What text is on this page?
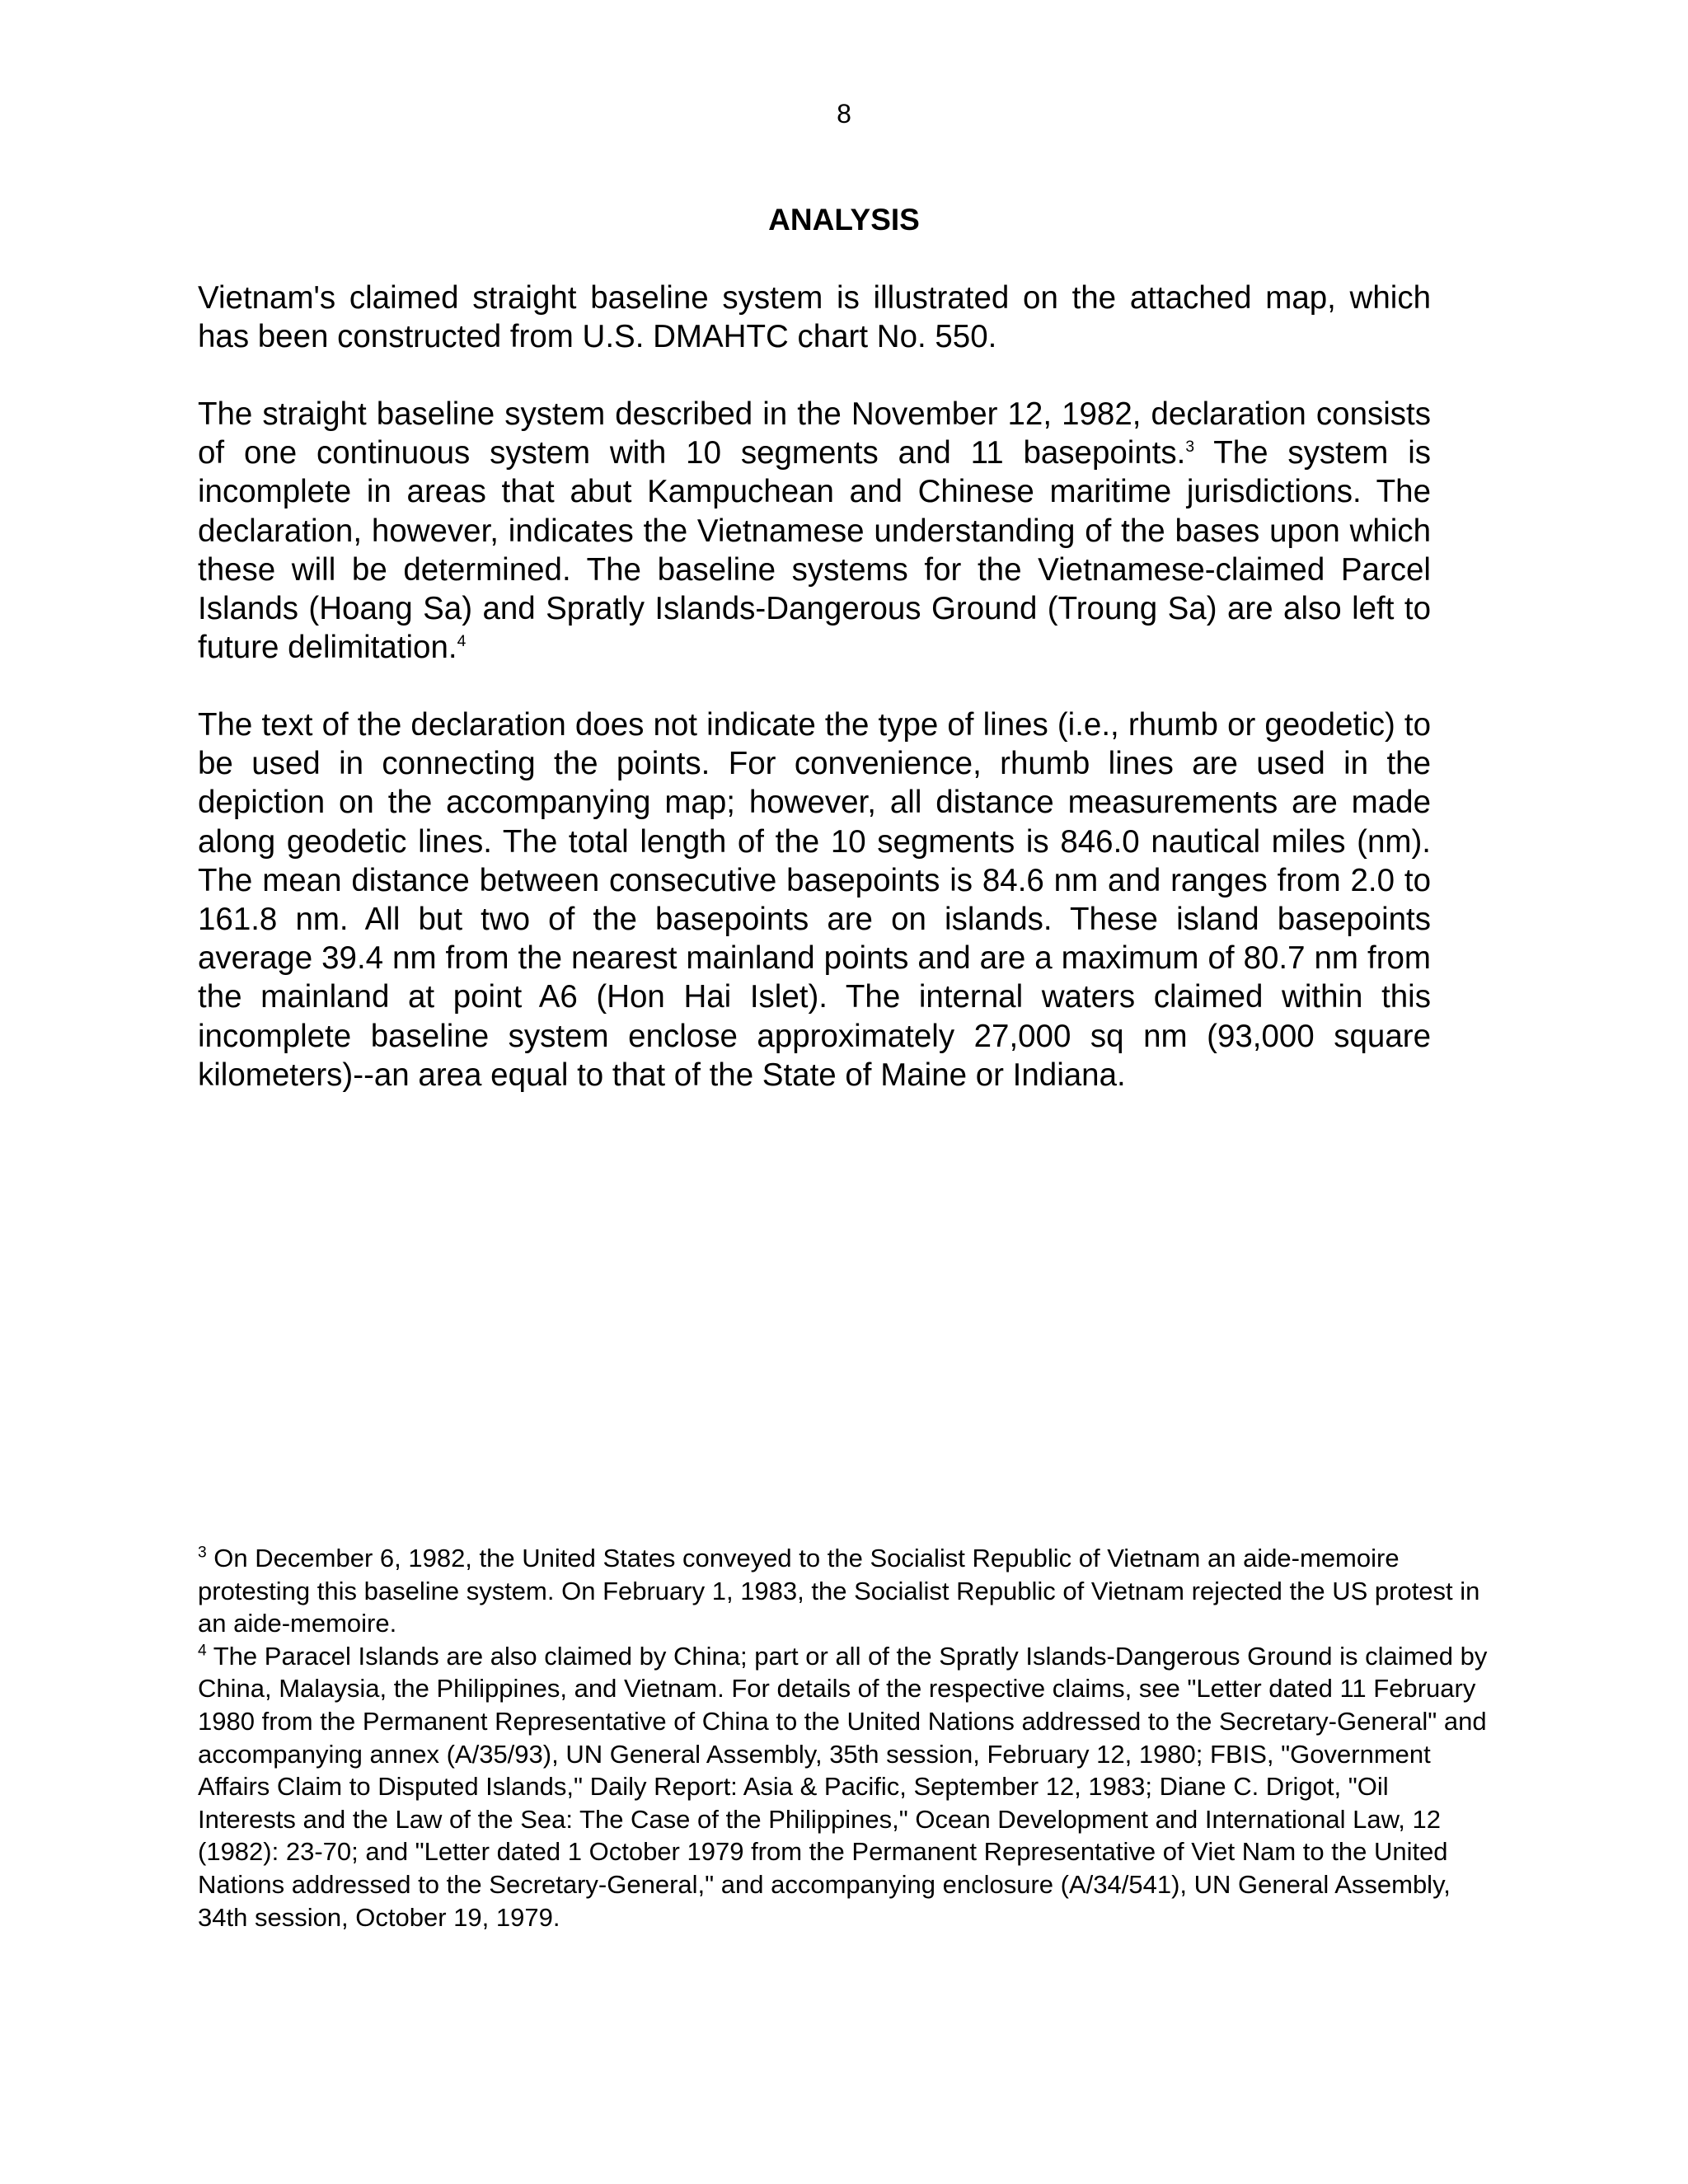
8
ANALYSIS

Vietnam's claimed straight baseline system is illustrated on the attached map, which has been constructed from U.S. DMAHTC chart No. 550.

The straight baseline system described in the November 12, 1982, declaration consists of one continuous system with 10 segments and 11 basepoints.$^3$ The system is incomplete in areas that abut Kampuchean and Chinese maritime jurisdictions. The declaration, however, indicates the Vietnamese understanding of the bases upon which these will be determined. The baseline systems for the Vietnamese-claimed Parcel Islands (Hoang Sa) and Spratly Islands-Dangerous Ground (Troung Sa) are also left to future delimitation.$^4$

The text of the declaration does not indicate the type of lines (i.e., rhumb or geodetic) to be used in connecting the points. For convenience, rhumb lines are used in the depiction on the accompanying map; however, all distance measurements are made along geodetic lines. The total length of the 10 segments is 846.0 nautical miles (nm). The mean distance between consecutive basepoints is 84.6 nm and ranges from 2.0 to 161.8 nm. All but two of the basepoints are on islands. These island basepoints average 39.4 nm from the nearest mainland points and are a maximum of 80.7 nm from the mainland at point A6 (Hon Hai Islet). The internal waters claimed within this incomplete baseline system enclose approximately 27,000 sq nm (93,000 square kilometers)--an area equal to that of the State of Maine or Indiana.

$^3$ On December 6, 1982, the United States conveyed to the Socialist Republic of Vietnam an aide-memoire protesting this baseline system. On February 1, 1983, the Socialist Republic of Vietnam rejected the US protest in an aide-memoire.

$^4$ The Paracel Islands are also claimed by China; part or all of the Spratly Islands-Dangerous Ground is claimed by China, Malaysia, the Philippines, and Vietnam. For details of the respective claims, see "Letter dated 11 February 1980 from the Permanent Representative of China to the United Nations addressed to the Secretary-General" and accompanying annex (A/35/93), UN General Assembly, 35th session, February 12, 1980; FBIS, "Government Affairs Claim to Disputed Islands," Daily Report: Asia & Pacific, September 12, 1983; Diane C. Drigot, "Oil Interests and the Law of the Sea: The Case of the Philippines," Ocean Development and International Law, 12 (1982): 23-70; and "Letter dated 1 October 1979 from the Permanent Representative of Viet Nam to the United Nations addressed to the Secretary-General," and accompanying enclosure (A/34/541), UN General Assembly, 34th session, October 19, 1979.
